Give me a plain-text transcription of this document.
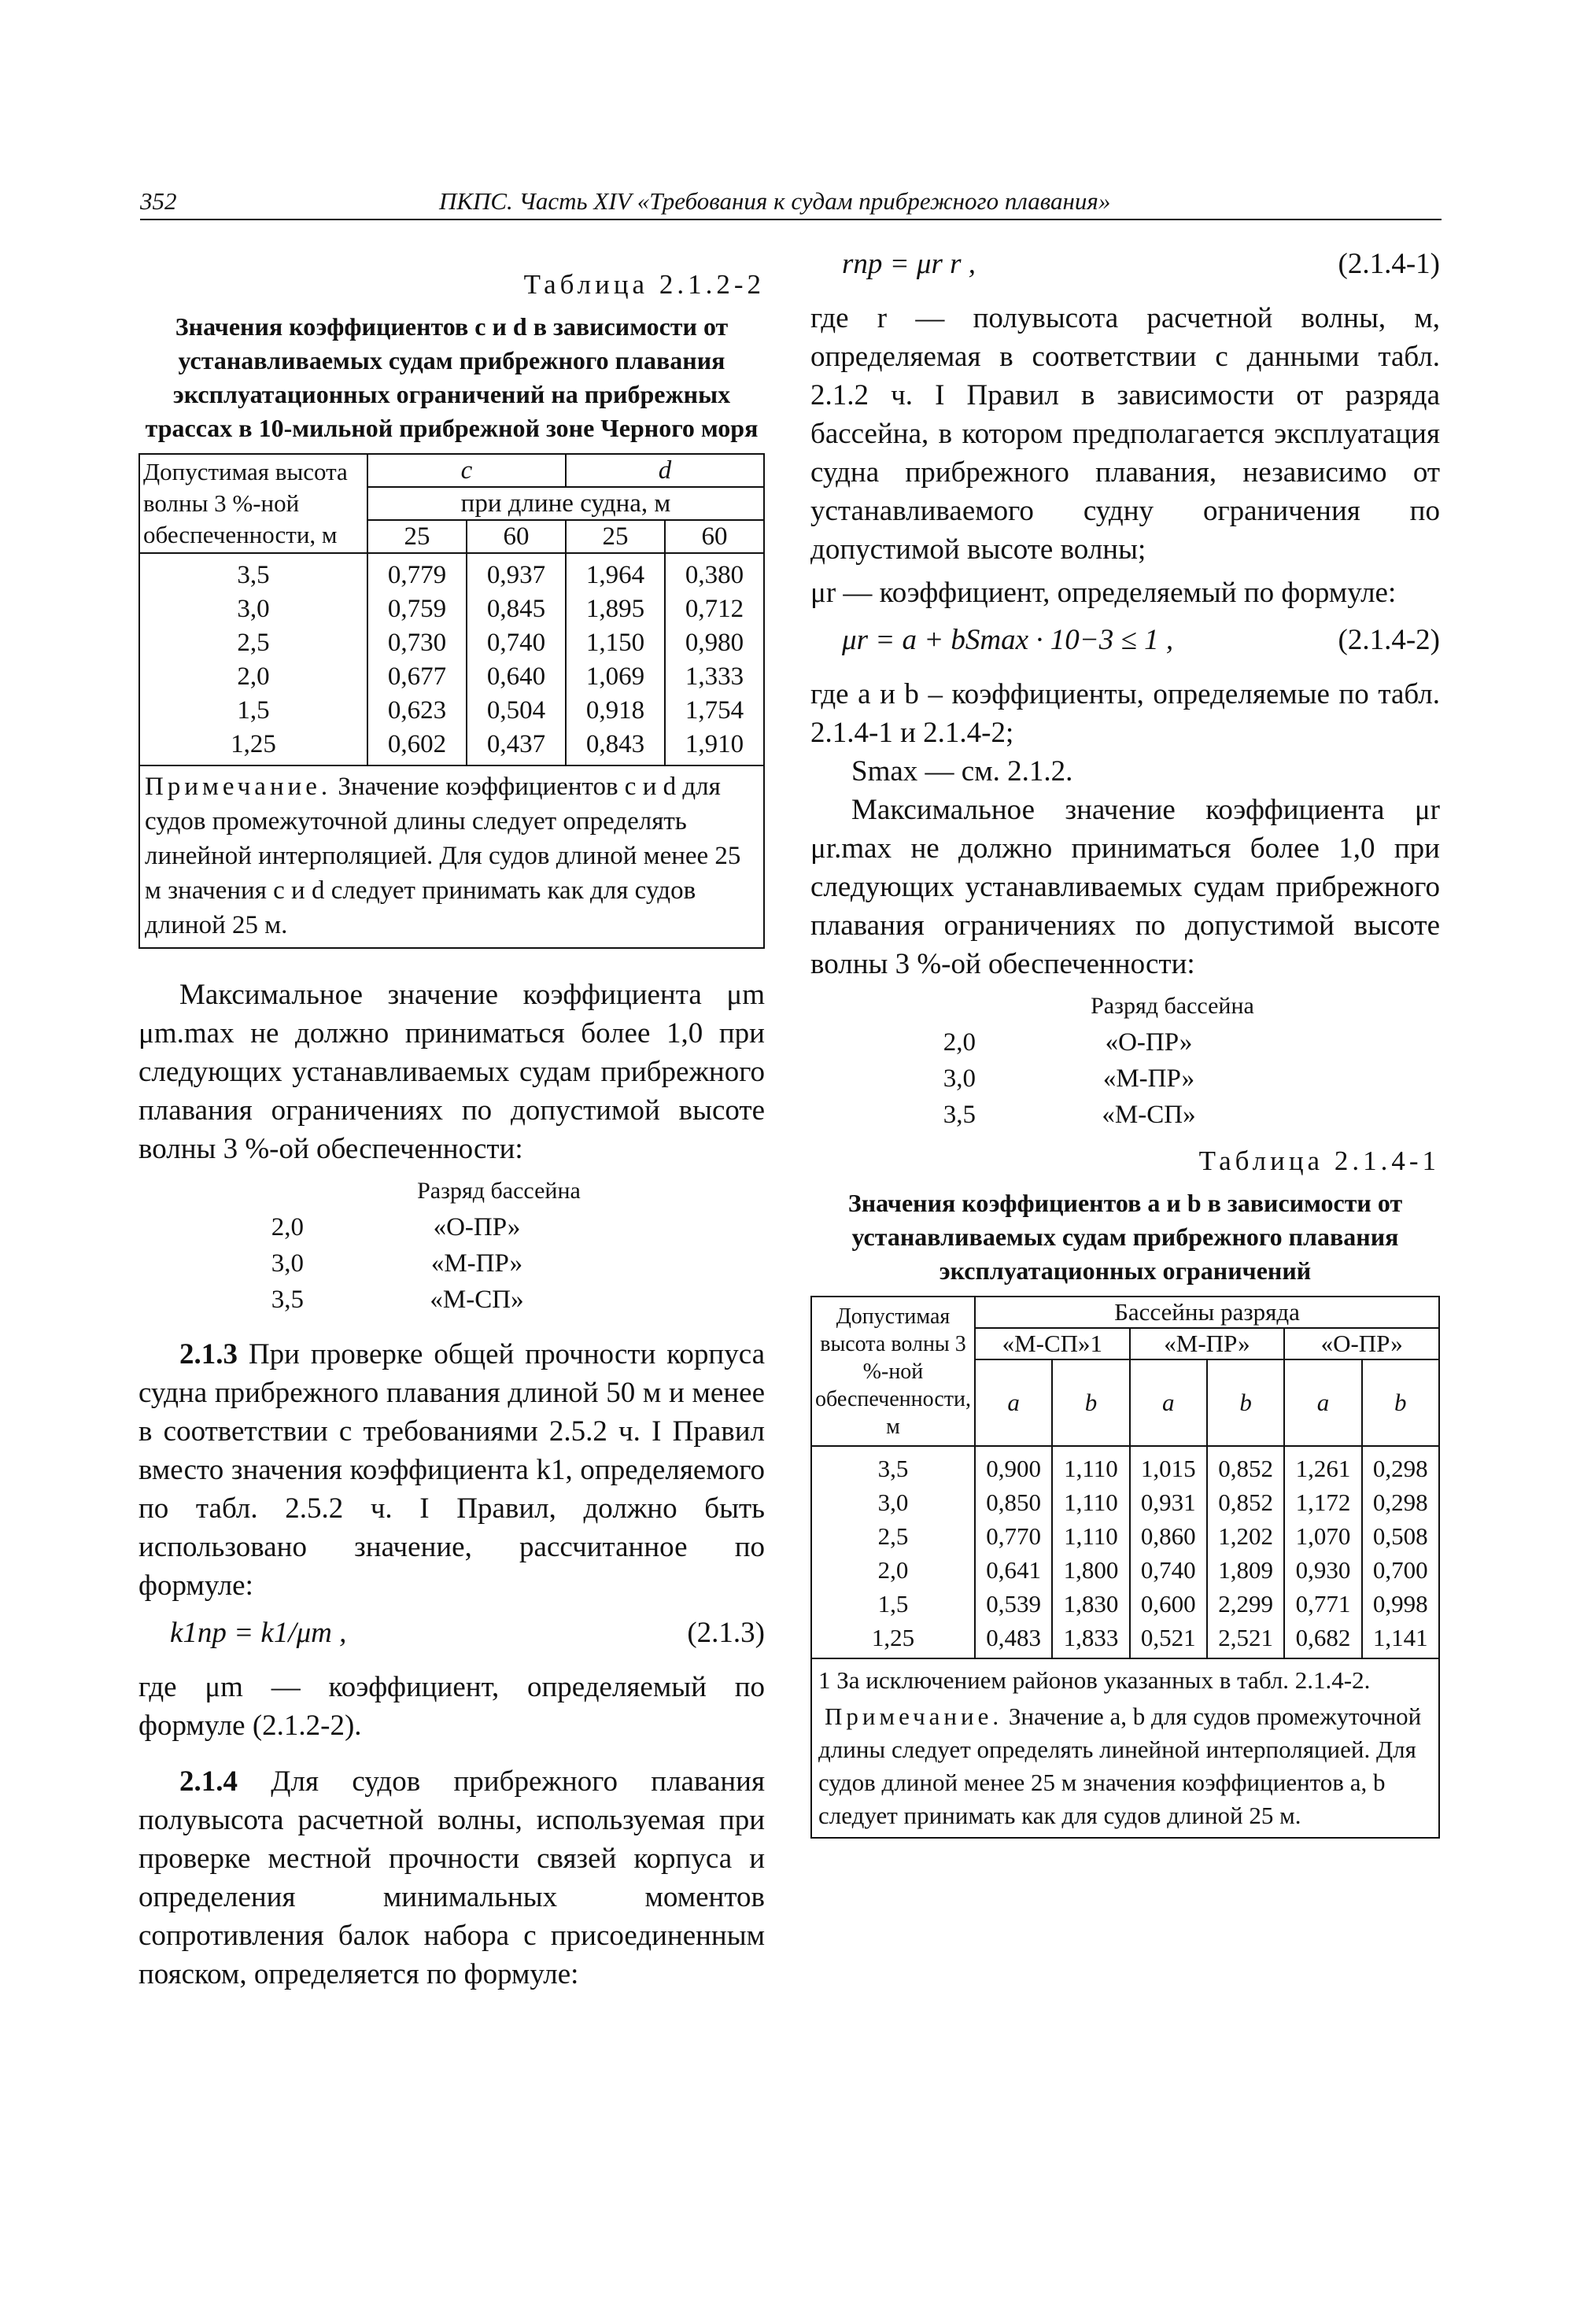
352	ПКПС. Часть XIV «Требования к судам прибрежного плавания»
Таблица 2.1.2-2
Значения коэффициентов c и d в зависимости от устанавливаемых судам прибрежного плавания эксплуатационных ограничений на прибрежных трассах в 10-мильной прибрежной зоне Черного моря
Допустимая высота волны 3 %-ной обеспеченности, м	c		d	
	при длине судна, м			
	25	60	25	60
3,5	0,779	0,937	1,964	0,380
3,0	0,759	0,845	1,895	0,712
2,5	0,730	0,740	1,150	0,980
2,0	0,677	0,640	1,069	1,333
1,5	0,623	0,504	0,918	1,754
1,25	0,602	0,437	0,843	1,910
Примечание. Значение коэффициентов c и d для судов промежуточной длины следует определять линейной интерполяцией. Для судов длиной менее 25 м значения c и d следует принимать как для судов длиной 25 м.

Максимальное значение коэффициента μm μm.max не должно приниматься более 1,0 при следующих устанавливаемых судам прибрежного плавания ограничениях по допустимой высоте волны 3 %-ой обеспеченности:

Разряд бассейна
2,0	«О-ПР»
3,0	«М-ПР»
3,5	«М-СП»

2.1.3 При проверке общей прочности корпуса судна прибрежного плавания длиной 50 м и менее в соответствии с требованиями 2.5.2 ч. I Правил вместо значения коэффициента k1, определяемого по табл. 2.5.2 ч. I Правил, должно быть использовано значение, рассчитанное по формуле:

k1пр = k1/μm ,	(2.1.3)

где μm — коэффициент, определяемый по формуле (2.1.2-2).

2.1.4 Для судов прибрежного плавания полувысота расчетной волны, используемая при проверке местной прочности связей корпуса и определения минимальных моментов сопротивления балок набора с присоединенным пояском, определяется по формуле:

rпр = μr r ,	(2.1.4-1)

где r — полувысота расчетной волны, м, определяемая в соответствии с данными табл. 2.1.2 ч. I Правил в зависимости от разряда бассейна, в котором предполагается эксплуатация судна прибрежного плавания, независимо от устанавливаемого судну ограничения по допустимой высоте волны;

μr — коэффициент, определяемый по формуле:

μr = a + bSmax · 10−3 ≤ 1 ,	(2.1.4-2)

где a и b – коэффициенты, определяемые по табл. 2.1.4-1 и 2.1.4-2;

Smax — см. 2.1.2.

Максимальное значение коэффициента μr μr.max не должно приниматься более 1,0 при следующих устанавливаемых судам прибрежного плавания ограничениях по допустимой высоте волны 3 %-ой обеспеченности:

Разряд бассейна
2,0	«О-ПР»
3,0	«М-ПР»
3,5	«М-СП»
Таблица 2.1.4-1
Значения коэффициентов a и b в зависимости от устанавливаемых судам прибрежного плавания эксплуатационных ограничений
Допустимая высота волны 3 %-ной обеспеченности, м	Бассейны разряда					
	«М-СП»1		«М-ПР»		«О-ПР»	
	a	b	a	b	a	b
3,5	0,900	1,110	1,015	0,852	1,261	0,298
3,0	0,850	1,110	0,931	0,852	1,172	0,298
2,5	0,770	1,110	0,860	1,202	1,070	0,508
2,0	0,641	1,800	0,740	1,809	0,930	0,700
1,5	0,539	1,830	0,600	2,299	0,771	0,998
1,25	0,483	1,833	0,521	2,521	0,682	1,141
1 За исключением районов указанных в табл. 2.1.4-2.
Примечание. Значение a, b для судов промежуточной длины следует определять линейной интерполяцией. Для судов длиной менее 25 м значения коэффициентов a, b следует принимать как для судов длиной 25 м.
